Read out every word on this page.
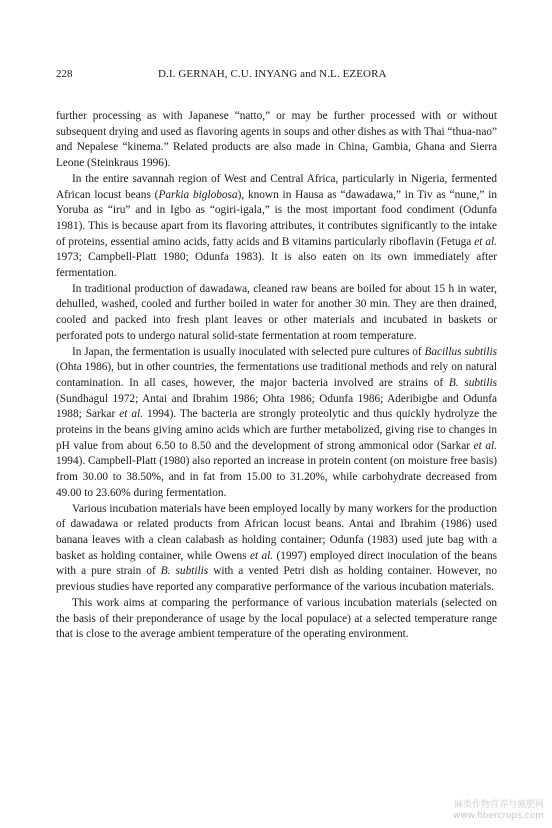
228	D.I. GERNAH, C.U. INYANG and N.L. EZEORA

further processing as with Japanese “natto,” or may be further processed with or without subsequent drying and used as flavoring agents in soups and other dishes as with Thai “thua-nao” and Nepalese “kinema.” Related products are also made in China, Gambia, Ghana and Sierra Leone (Steinkraus 1996).

In the entire savannah region of West and Central Africa, particularly in Nigeria, fermented African locust beans (Parkia biglobosa), known in Hausa as “dawadawa,” in Tiv as “nune,” in Yoruba as “iru” and in Igbo as “ogiri-igala,” is the most important food condiment (Odunfa 1981). This is because apart from its flavoring attributes, it contributes significantly to the intake of proteins, essential amino acids, fatty acids and B vitamins particularly riboflavin (Fetuga et al. 1973; Campbell-Platt 1980; Odunfa 1983). It is also eaten on its own immediately after fermentation.

In traditional production of dawadawa, cleaned raw beans are boiled for about 15 h in water, dehulled, washed, cooled and further boiled in water for another 30 min. They are then drained, cooled and packed into fresh plant leaves or other materials and incubated in baskets or perforated pots to undergo natural solid-state fermentation at room temperature.

In Japan, the fermentation is usually inoculated with selected pure cultures of Bacillus subtilis (Ohta 1986), but in other countries, the fermentations use traditional methods and rely on natural contamination. In all cases, however, the major bacteria involved are strains of B. subtilis (Sundhagul 1972; Antai and Ibrahim 1986; Ohta 1986; Odunfa 1986; Aderibigbe and Odunfa 1988; Sarkar et al. 1994). The bacteria are strongly proteolytic and thus quickly hydrolyze the proteins in the beans giving amino acids which are further metabolized, giving rise to changes in pH value from about 6.50 to 8.50 and the development of strong ammonical odor (Sarkar et al. 1994). Campbell-Platt (1980) also reported an increase in protein content (on moisture free basis) from 30.00 to 38.50%, and in fat from 15.00 to 31.20%, while carbohydrate decreased from 49.00 to 23.60% during fermentation.

Various incubation materials have been employed locally by many workers for the production of dawadawa or related products from African locust beans. Antai and Ibrahim (1986) used banana leaves with a clean calabash as holding container; Odunfa (1983) used jute bag with a basket as holding container, while Owens et al. (1997) employed direct inoculation of the beans with a pure strain of B. subtilis with a vented Petri dish as holding container. However, no previous studies have reported any comparative performance of the various incubation materials.

This work aims at comparing the performance of various incubation materials (selected on the basis of their preponderance of usage by the local populace) at a selected temperature range that is close to the average ambient temperature of the operating environment.

麻类作物营养与施肥网
www.fibercrops.com
